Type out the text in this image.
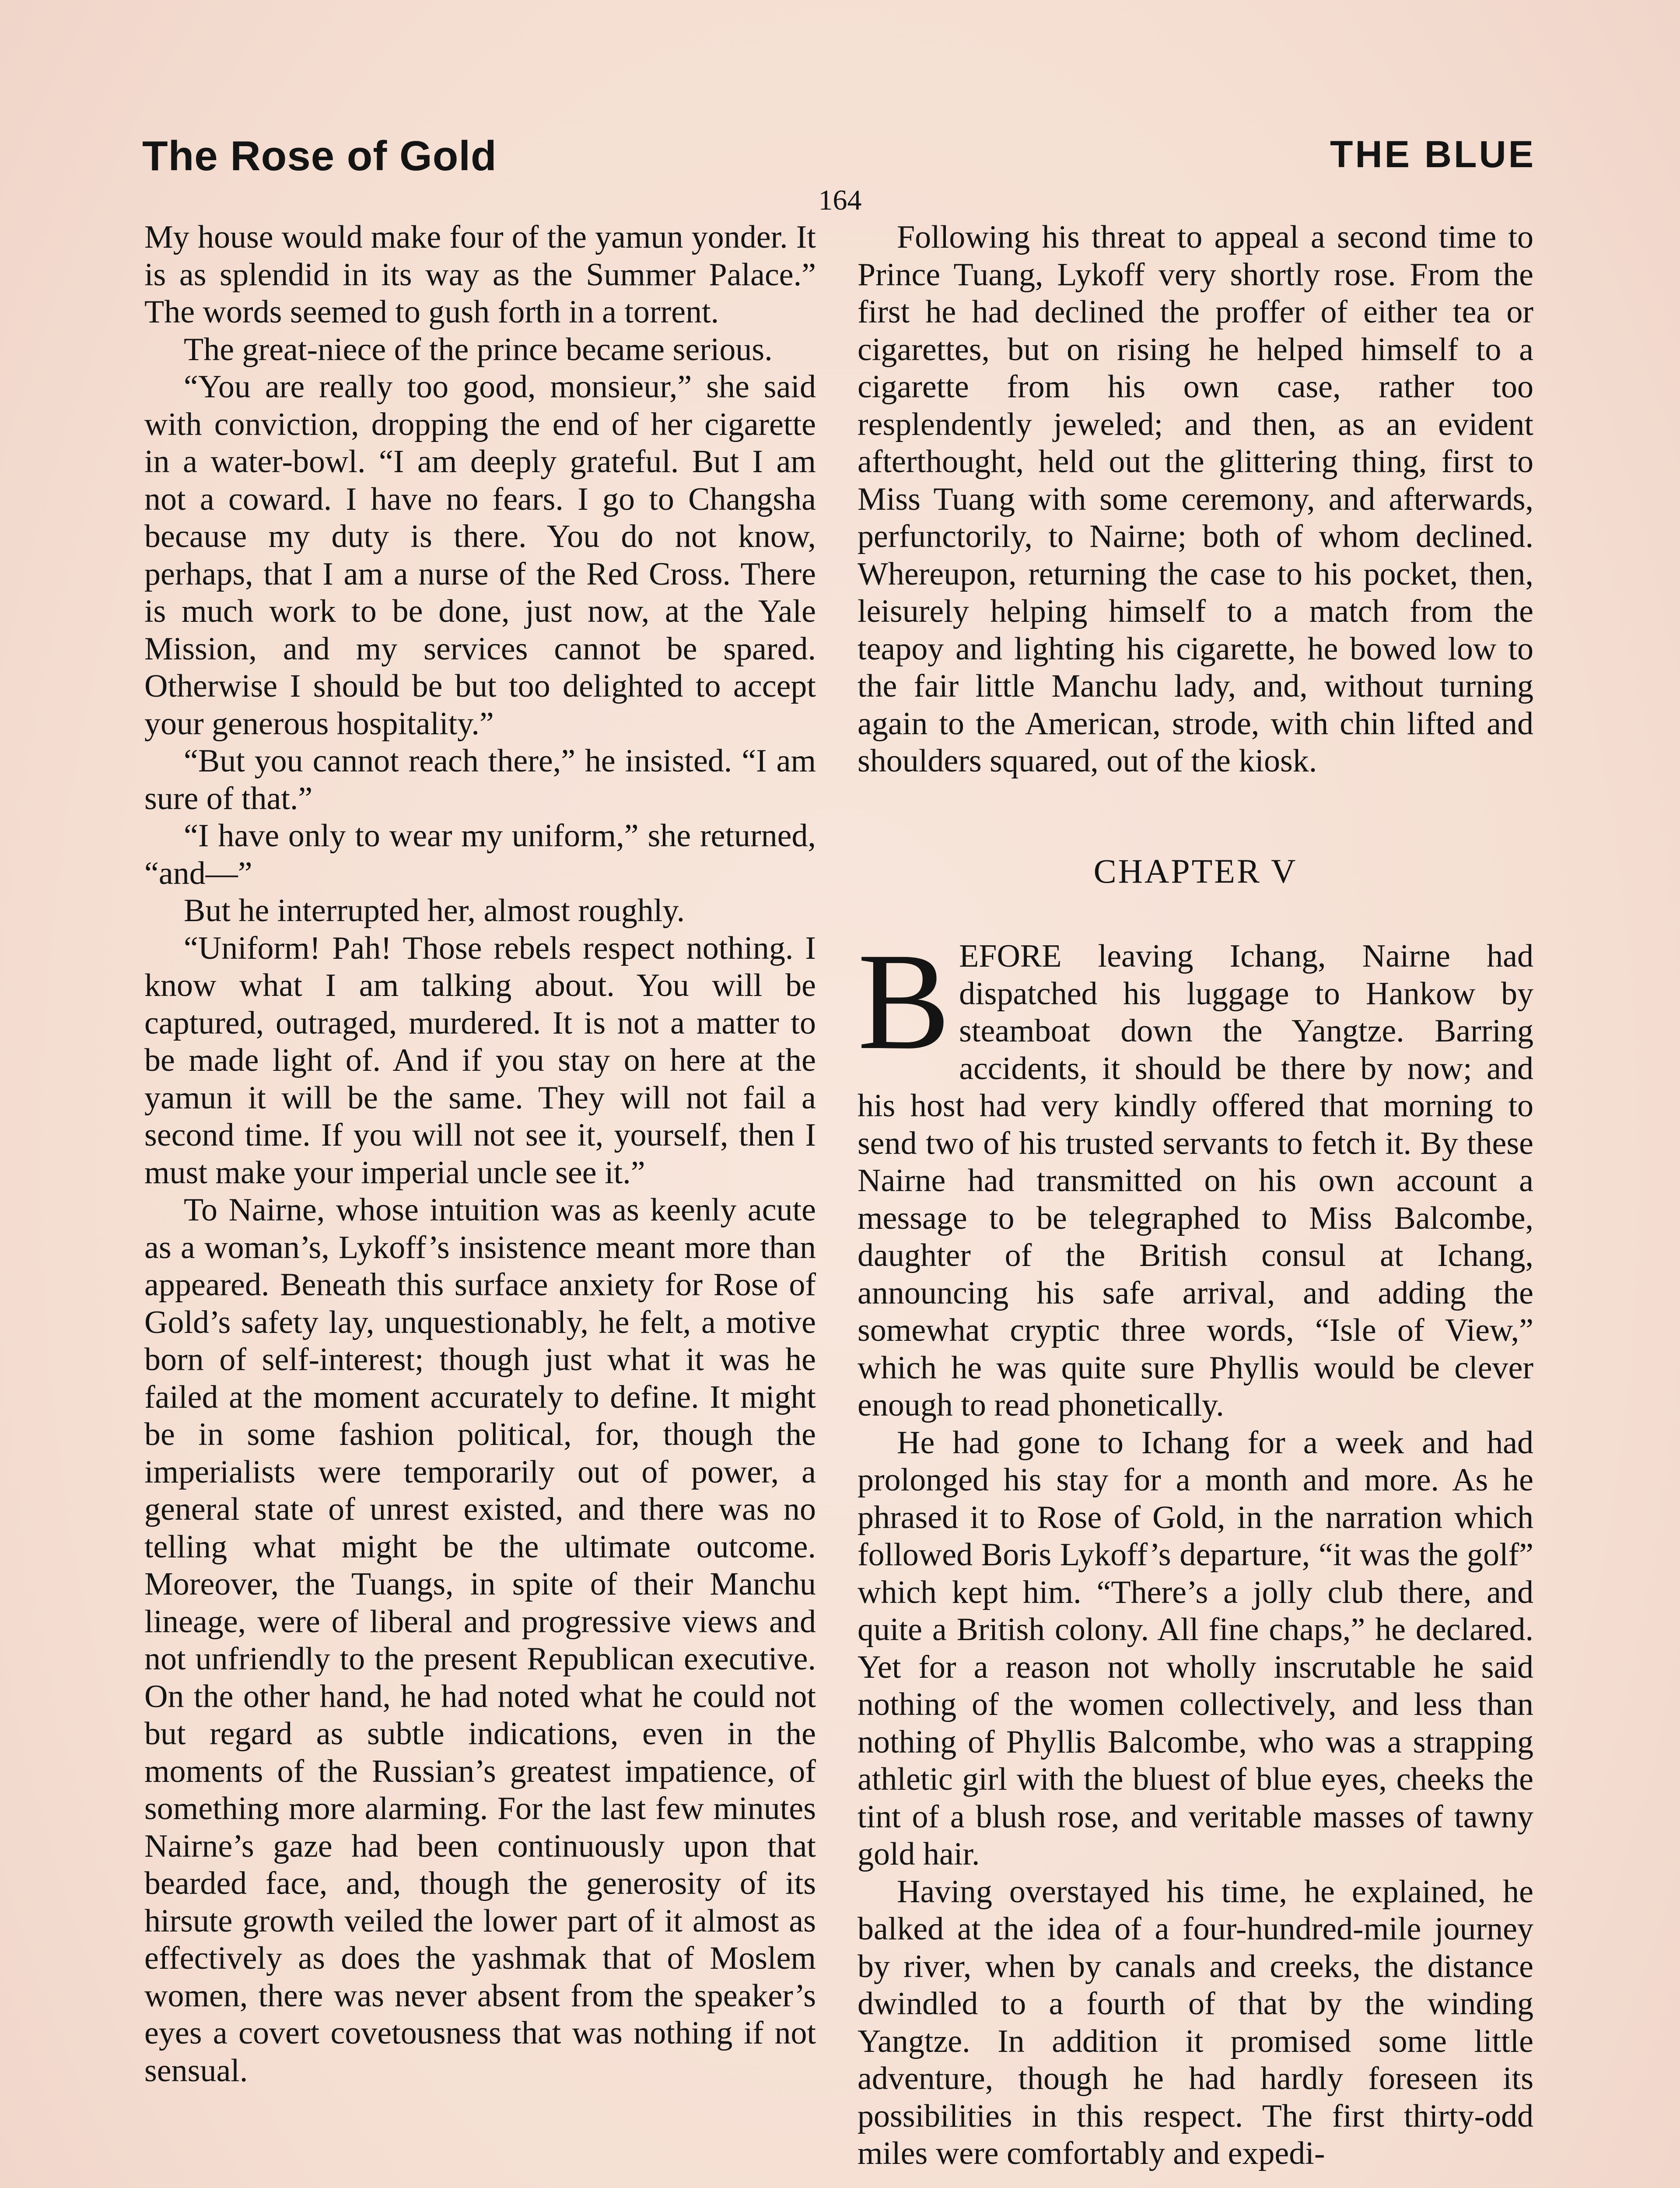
The Rose of Gold	THE BLUE
164

My house would make four of the yamun yonder. It is as splendid in its way as the Summer Palace.” The words seemed to gush forth in a torrent.

The great-niece of the prince became serious.

“You are really too good, monsieur,” she said with conviction, dropping the end of her cigarette in a water-bowl. “I am deeply grateful. But I am not a coward. I have no fears. I go to Changsha because my duty is there. You do not know, perhaps, that I am a nurse of the Red Cross. There is much work to be done, just now, at the Yale Mission, and my services cannot be spared. Otherwise I should be but too delighted to accept your generous hospitality.”

“But you cannot reach there,” he insisted. “I am sure of that.”

“I have only to wear my uniform,” she returned, “and—”

But he interrupted her, almost roughly.

“Uniform! Pah! Those rebels respect nothing. I know what I am talking about. You will be captured, outraged, murdered. It is not a matter to be made light of. And if you stay on here at the yamun it will be the same. They will not fail a second time. If you will not see it, yourself, then I must make your imperial uncle see it.”

To Nairne, whose intuition was as keenly acute as a woman’s, Lykoff’s insistence meant more than appeared. Beneath this surface anxiety for Rose of Gold’s safety lay, unquestionably, he felt, a motive born of self-interest; though just what it was he failed at the moment accurately to define. It might be in some fashion political, for, though the imperialists were temporarily out of power, a general state of unrest existed, and there was no telling what might be the ultimate outcome. Moreover, the Tuangs, in spite of their Manchu lineage, were of liberal and progressive views and not unfriendly to the present Republican executive. On the other hand, he had noted what he could not but regard as subtle indications, even in the moments of the Russian’s greatest impatience, of something more alarming. For the last few minutes Nairne’s gaze had been continuously upon that bearded face, and, though the generosity of its hirsute growth veiled the lower part of it almost as effectively as does the yashmak that of Moslem women, there was never absent from the speaker’s eyes a covert covetousness that was nothing if not sensual.

Following his threat to appeal a second time to Prince Tuang, Lykoff very shortly rose. From the first he had declined the proffer of either tea or cigarettes, but on rising he helped himself to a cigarette from his own case, rather too resplendently jeweled; and then, as an evident afterthought, held out the glittering thing, first to Miss Tuang with some ceremony, and afterwards, perfunctorily, to Nairne; both of whom declined. Whereupon, returning the case to his pocket, then, leisurely helping himself to a match from the teapoy and lighting his cigarette, he bowed low to the fair little Manchu lady, and, without turning again to the American, strode, with chin lifted and shoulders squared, out of the kiosk.

CHAPTER V

BEFORE leaving Ichang, Nairne had dispatched his luggage to Hankow by steamboat down the Yangtze. Barring accidents, it should be there by now; and his host had very kindly offered that morning to send two of his trusted servants to fetch it. By these Nairne had transmitted on his own account a message to be telegraphed to Miss Balcombe, daughter of the British consul at Ichang, announcing his safe arrival, and adding the somewhat cryptic three words, “Isle of View,” which he was quite sure Phyllis would be clever enough to read phonetically.

He had gone to Ichang for a week and had prolonged his stay for a month and more. As he phrased it to Rose of Gold, in the narration which followed Boris Lykoff’s departure, “it was the golf” which kept him. “There’s a jolly club there, and quite a British colony. All fine chaps,” he declared. Yet for a reason not wholly inscrutable he said nothing of the women collectively, and less than nothing of Phyllis Balcombe, who was a strapping athletic girl with the bluest of blue eyes, cheeks the tint of a blush rose, and veritable masses of tawny gold hair.

Having overstayed his time, he explained, he balked at the idea of a four-hundred-mile journey by river, when by canals and creeks, the distance dwindled to a fourth of that by the winding Yangtze. In addition it promised some little adventure, though he had hardly foreseen its possibilities in this respect. The first thirty-odd miles were comfortably and expedi-
